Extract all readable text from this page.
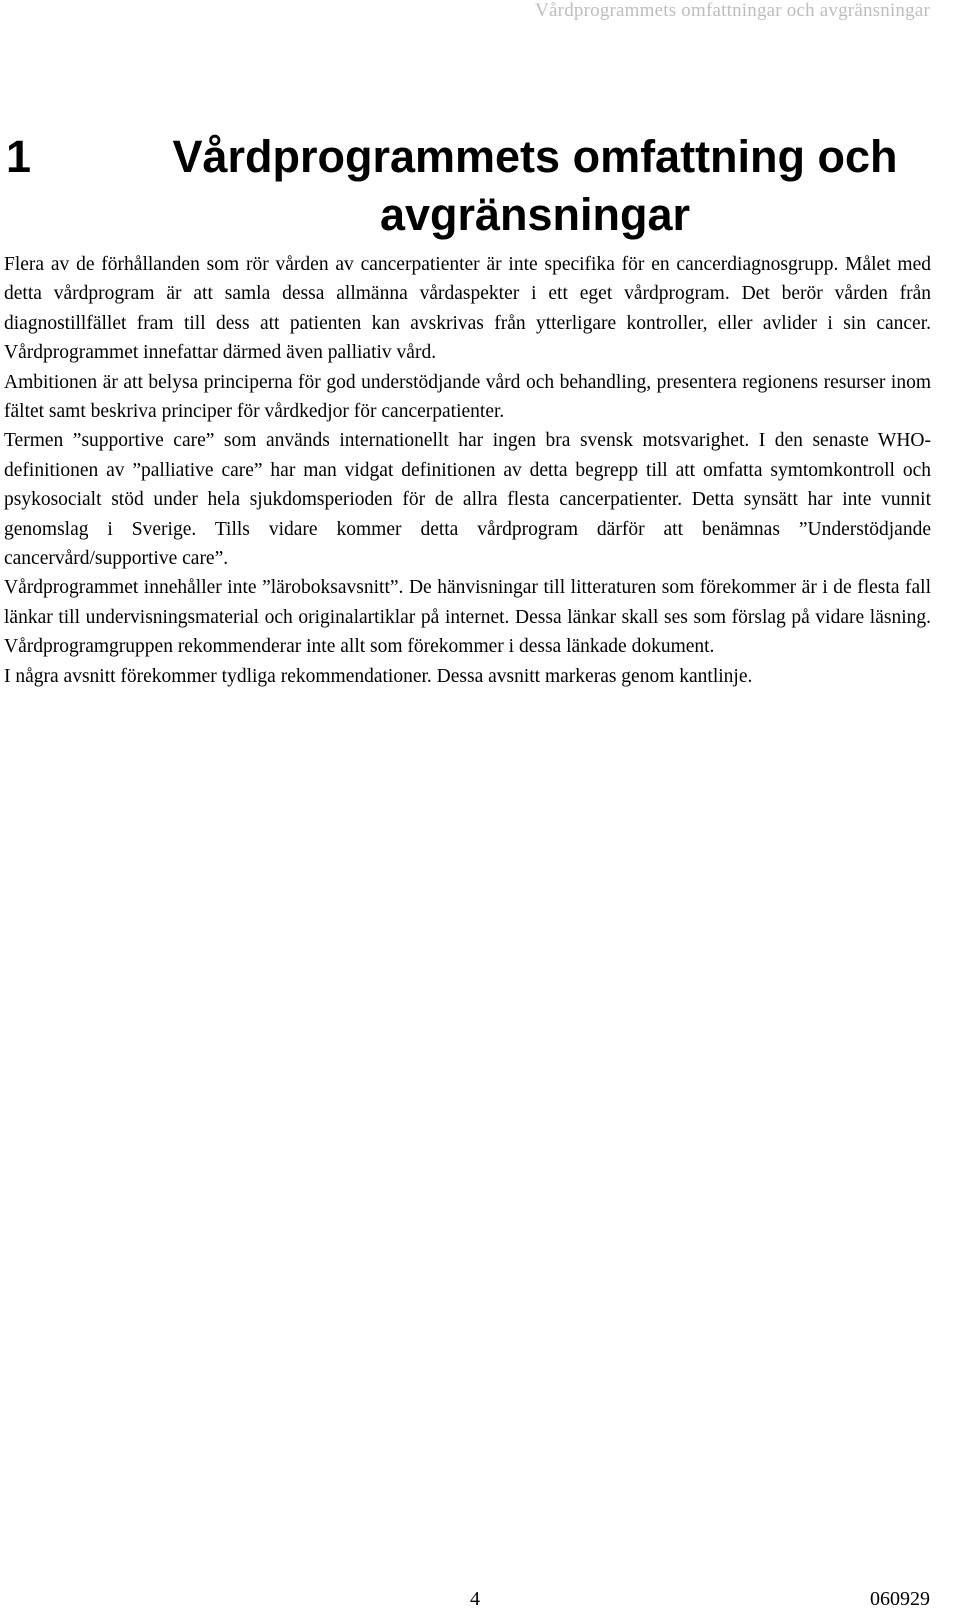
Vårdprogrammets omfattningar och avgränsningar
1	Vårdprogrammets omfattning och avgränsningar

Flera av de förhållanden som rör vården av cancerpatienter är inte specifika för en cancerdiagnosgrupp. Målet med detta vårdprogram är att samla dessa allmänna vårdaspekter i ett eget vårdprogram. Det berör vården från diagnostillfället fram till dess att patienten kan avskrivas från ytterligare kontroller, eller avlider i sin cancer. Vårdprogrammet innefattar därmed även palliativ vård.

Ambitionen är att belysa principerna för god understödjande vård och behandling, presentera regionens resurser inom fältet samt beskriva principer för vårdkedjor för cancerpatienter.

Termen ”supportive care” som används internationellt har ingen bra svensk motsvarighet. I den senaste WHO-definitionen av ”palliative care” har man vidgat definitionen av detta begrepp till att omfatta symtomkontroll och psykosocialt stöd under hela sjukdomsperioden för de allra flesta cancerpatienter. Detta synsätt har inte vunnit genomslag i Sverige. Tills vidare kommer detta vårdprogram därför att benämnas ”Understödjande cancervård/supportive care”.

Vårdprogrammet innehåller inte ”läroboksavsnitt”. De hänvisningar till litteraturen som förekommer är i de flesta fall länkar till undervisningsmaterial och originalartiklar på internet. Dessa länkar skall ses som förslag på vidare läsning. Vårdprogramgruppen rekommenderar inte allt som förekommer i dessa länkade dokument.

I några avsnitt förekommer tydliga rekommendationer. Dessa avsnitt markeras genom kantlinje.

4	060929
